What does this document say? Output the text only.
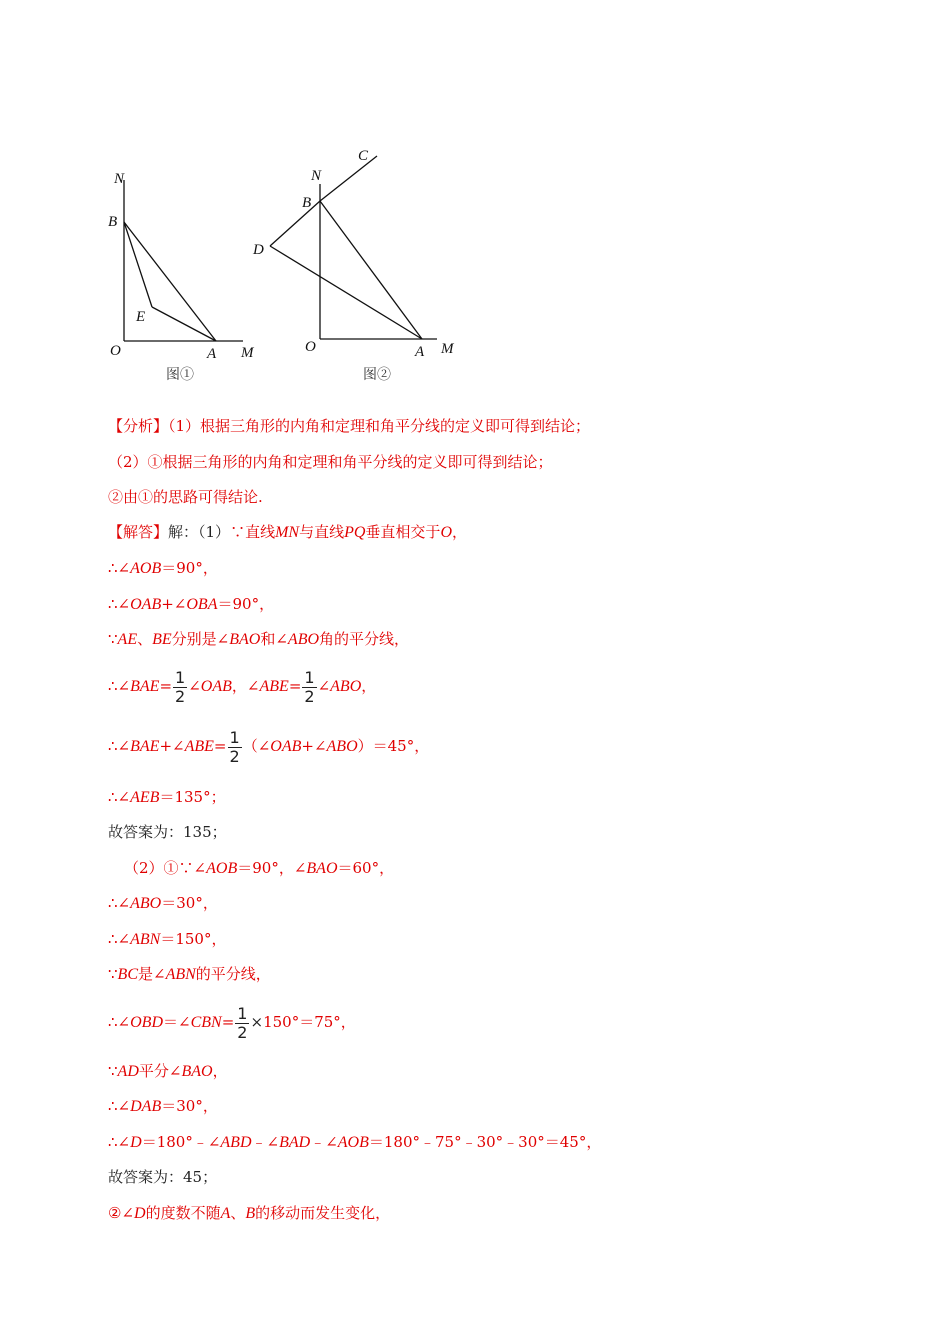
N
B
E
O	A M
图①
C
N
B
D
O	A M
图②
【分析】（1）根据三角形的内角和定理和角平分线的定义即可得到结论；
（2）①根据三角形的内角和定理和角平分线的定义即可得到结论；
②由①的思路可得结论.
【解答】解：（1）∵直线MN与直线PQ垂直相交于O，
∴∠AOB＝90°，
∴∠OAB+∠OBA＝90°，
∵AE、BE分别是∠BAO和∠ABO角的平分线，
∴∠BAE= $\frac{1}{2}$ ∠OAB，∠ABE= $\frac{1}{2}$ ∠ABO，
∴∠BAE+∠ABE= $\frac{1}{2}$ （∠OAB+∠ABO）＝45°，
∴∠AEB＝135°；
故答案为：135；
（2）①∵∠AOB＝90°，∠BAO＝60°，
∴∠ABO＝30°，
∴∠ABN＝150°，
∵BC是∠ABN的平分线，
∴∠OBD＝∠CBN= $\frac{1}{2} \times 150^\circ=75^\circ$，
∵AD平分∠BAO，
∴∠DAB＝30°，
∴∠D＝180°﹣∠ABD﹣∠BAD﹣∠AOB＝180°﹣75°﹣30°﹣30°＝45°，
故答案为：45；
②∠D的度数不随A、B的移动而发生变化，
